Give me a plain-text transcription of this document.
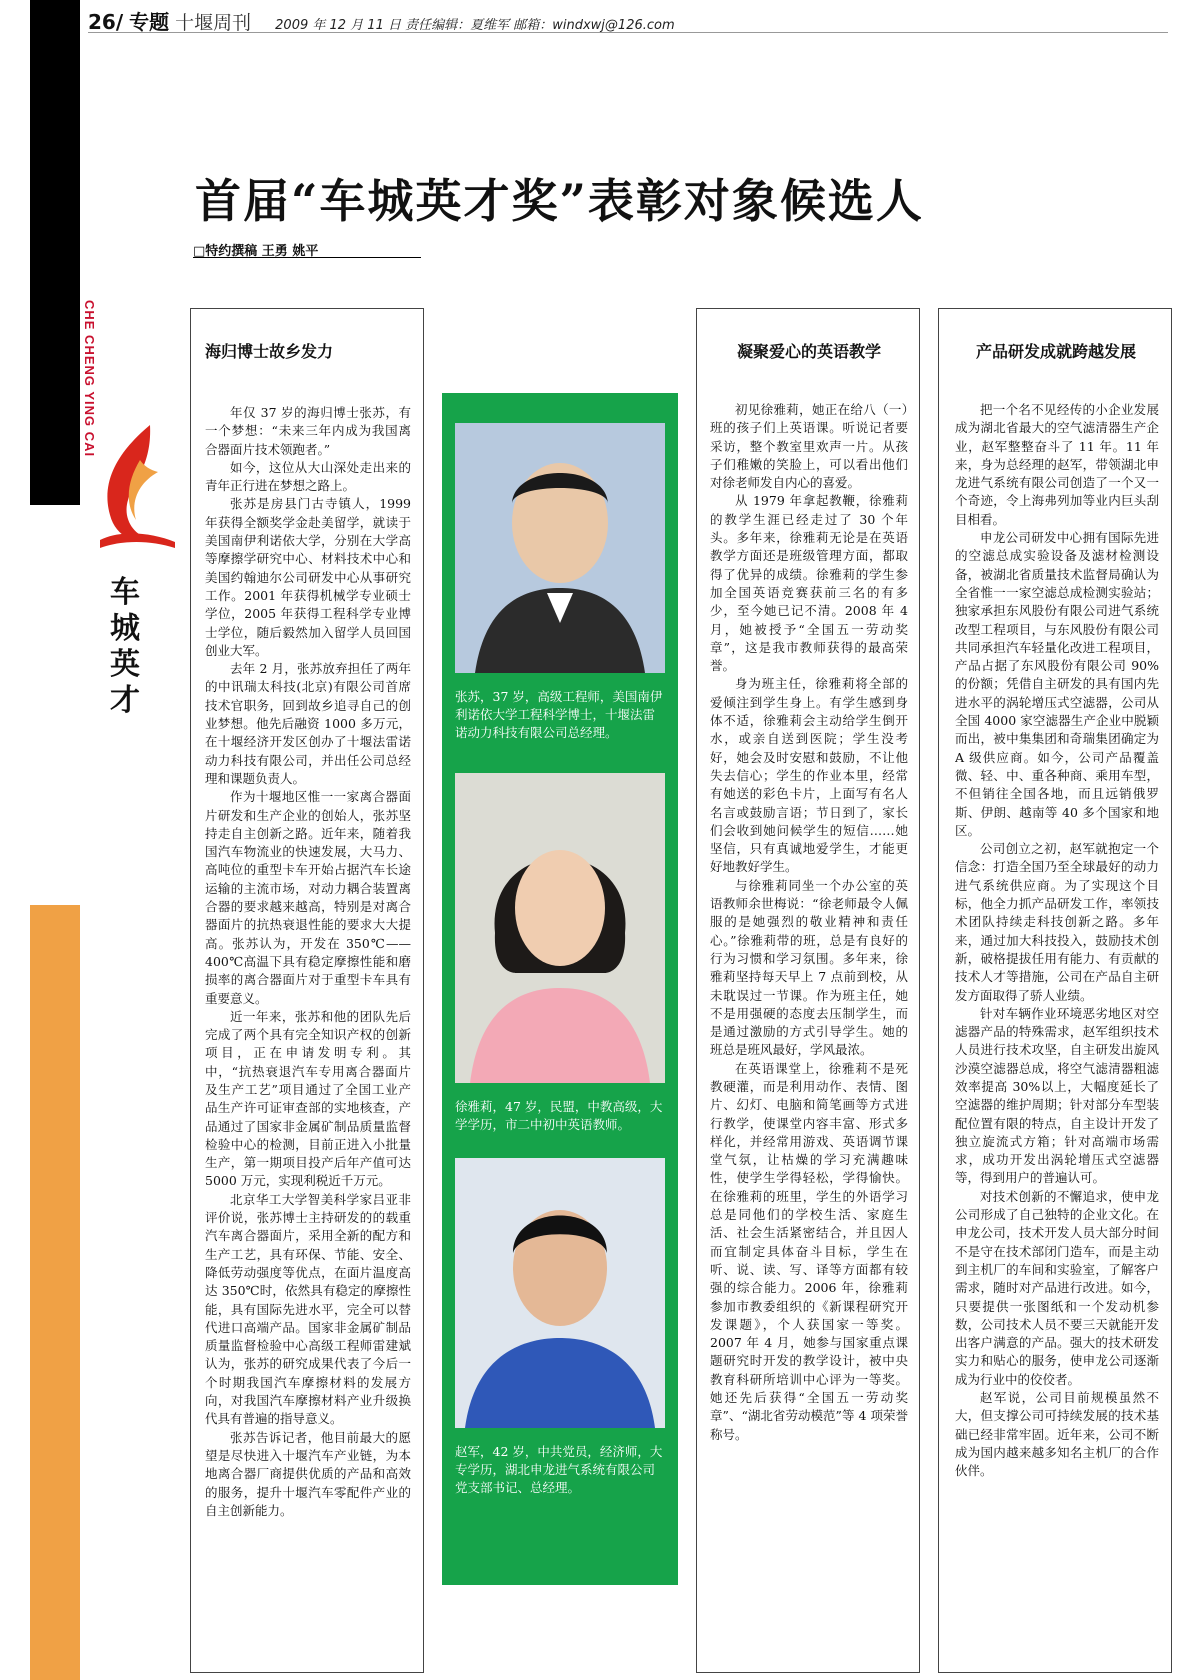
26/ 专题 十堰周刊 2009 年 12 月 11 日 责任编辑：夏维军 邮箱：windxwj@126.com
CHE CHENG YING CAI
车
城
英
才
首届“车城英才奖”表彰对象候选人
□特约撰稿 王勇 姚平
海归博士故乡发力

年仅 37 岁的海归博士张苏，有一个梦想：“未来三年内成为我国离合器面片技术领跑者。”

如今，这位从大山深处走出来的青年正行进在梦想之路上。

张苏是房县门古寺镇人，1999 年获得全额奖学金赴美留学，就读于美国南伊利诺依大学，分别在大学高等摩擦学研究中心、材料技术中心和美国约翰迪尔公司研发中心从事研究工作。2001 年获得机械学专业硕士学位，2005 年获得工程科学专业博士学位，随后毅然加入留学人员回国创业大军。

去年 2 月，张苏放弃担任了两年的中讯瑞太科技(北京)有限公司首席技术官职务，回到故乡追寻自己的创业梦想。他先后融资 1000 多万元，在十堰经济开发区创办了十堰法雷诺动力科技有限公司，并出任公司总经理和课题负责人。

作为十堰地区惟一一家离合器面片研发和生产企业的创始人，张苏坚持走自主创新之路。近年来，随着我国汽车物流业的快速发展，大马力、高吨位的重型卡车开始占据汽车长途运输的主流市场，对动力耦合装置离合器的要求越来越高，特别是对离合器面片的抗热衰退性能的要求大大提高。张苏认为，开发在 350℃——400℃高温下具有稳定摩擦性能和磨损率的离合器面片对于重型卡车具有重要意义。

近一年来，张苏和他的团队先后完成了两个具有完全知识产权的创新项目，正在申请发明专利。其中，“抗热衰退汽车专用离合器面片及生产工艺”项目通过了全国工业产品生产许可证审查部的实地核查，产品通过了国家非金属矿制品质量监督检验中心的检测，目前正进入小批量生产，第一期项目投产后年产值可达 5000 万元，实现利税近千万元。

北京华工大学智美科学家吕亚非评价说，张苏博士主持研发的的载重汽车离合器面片，采用全新的配方和生产工艺，具有环保、节能、安全、降低劳动强度等优点，在面片温度高达 350℃时，依然具有稳定的摩擦性能，具有国际先进水平，完全可以替代进口高端产品。国家非金属矿制品质量监督检验中心高级工程师雷建斌认为，张苏的研究成果代表了今后一个时期我国汽车摩擦材料的发展方向，对我国汽车摩擦材料产业升级换代具有普遍的指导意义。

张苏告诉记者，他目前最大的愿望是尽快进入十堰汽车产业链，为本地离合器厂商提供优质的产品和高效的服务，提升十堰汽车零配件产业的自主创新能力。

张苏，37 岁，高级工程师，美国南伊利诺依大学工程科学博士，十堰法雷诺动力科技有限公司总经理。
徐雅莉，47 岁，民盟，中教高级，大学学历，市二中初中英语教师。
赵军，42 岁，中共党员，经济师，大专学历，湖北申龙进气系统有限公司党支部书记、总经理。
凝聚爱心的英语教学

初见徐雅莉，她正在给八（一）班的孩子们上英语课。听说记者要采访，整个教室里欢声一片。从孩子们稚嫩的笑脸上，可以看出他们对徐老师发自内心的喜爱。

从 1979 年拿起教鞭，徐雅莉的教学生涯已经走过了 30 个年头。多年来，徐雅莉无论是在英语教学方面还是班级管理方面，都取得了优异的成绩。徐雅莉的学生参加全国英语竞赛获前三名的有多少，至今她已记不清。2008 年 4 月，她被授予“全国五一劳动奖章”，这是我市教师获得的最高荣誉。

身为班主任，徐雅莉将全部的爱倾注到学生身上。有学生感到身体不适，徐雅莉会主动给学生倒开水，或亲自送到医院；学生没考好，她会及时安慰和鼓励，不让他失去信心；学生的作业本里，经常有她送的彩色卡片，上面写有名人名言或鼓励言语；节日到了，家长们会收到她问候学生的短信……她坚信，只有真诚地爱学生，才能更好地教好学生。

与徐雅莉同坐一个办公室的英语教师余世梅说：“徐老师最令人佩服的是她强烈的敬业精神和责任心。”徐雅莉带的班，总是有良好的行为习惯和学习氛围。多年来，徐雅莉坚持每天早上 7 点前到校，从未耽误过一节课。作为班主任，她不是用强硬的态度去压制学生，而是通过激励的方式引导学生。她的班总是班风最好，学风最浓。

在英语课堂上，徐雅莉不是死教硬灌，而是利用动作、表情、图片、幻灯、电脑和简笔画等方式进行教学，使课堂内容丰富、形式多样化，并经常用游戏、英语调节课堂气氛，让枯燥的学习充满趣味性，使学生学得轻松，学得愉快。在徐雅莉的班里，学生的外语学习总是同他们的学校生活、家庭生活、社会生活紧密结合，并且因人而宜制定具体奋斗目标，学生在听、说、读、写、译等方面都有较强的综合能力。2006 年，徐雅莉参加市教委组织的《新课程研究开发课题》，个人获国家一等奖。2007 年 4 月，她参与国家重点课题研究时开发的教学设计，被中央教育科研所培训中心评为一等奖。她还先后获得“全国五一劳动奖章”、“湖北省劳动模范”等 4 项荣誉称号。

产品研发成就跨越发展

把一个名不见经传的小企业发展成为湖北省最大的空气滤清器生产企业，赵军整整奋斗了 11 年。11 年来，身为总经理的赵军，带领湖北申龙进气系统有限公司创造了一个又一个奇迹，令上海弗列加等业内巨头刮目相看。

申龙公司研发中心拥有国际先进的空滤总成实验设备及滤材检测设备，被湖北省质量技术监督局确认为全省惟一一家空滤总成检测实验站；独家承担东风股份有限公司进气系统改型工程项目，与东风股份有限公司共同承担汽车轻量化改进工程项目，产品占据了东风股份有限公司 90%的份额；凭借自主研发的具有国内先进水平的涡轮增压式空滤器，公司从全国 4000 家空滤器生产企业中脱颖而出，被中集集团和奇瑞集团确定为 A 级供应商。如今，公司产品覆盖微、轻、中、重各种商、乘用车型，不但销往全国各地，而且远销俄罗斯、伊朗、越南等 40 多个国家和地区。

公司创立之初，赵军就抱定一个信念：打造全国乃至全球最好的动力进气系统供应商。为了实现这个目标，他全力抓产品研发工作，率领技术团队持续走科技创新之路。多年来，通过加大科技投入，鼓励技术创新，破格提拔任用有能力、有贡献的技术人才等措施，公司在产品自主研发方面取得了骄人业绩。

针对车辆作业环境恶劣地区对空滤器产品的特殊需求，赵军组织技术人员进行技术攻坚，自主研发出旋风沙漠空滤器总成，将空气滤清器粗滤效率提高 30%以上，大幅度延长了空滤器的维护周期；针对部分车型装配位置有限的特点，自主设计开发了独立旋流式方箱；针对高端市场需求，成功开发出涡轮增压式空滤器等，得到用户的普遍认可。

对技术创新的不懈追求，使申龙公司形成了自己独特的企业文化。在申龙公司，技术开发人员大部分时间不是守在技术部闭门造车，而是主动到主机厂的车间和实验室，了解客户需求，随时对产品进行改进。如今，只要提供一张图纸和一个发动机参数，公司技术人员不要三天就能开发出客户满意的产品。强大的技术研发实力和贴心的服务，使申龙公司逐渐成为行业中的佼佼者。

赵军说，公司目前规模虽然不大，但支撑公司可持续发展的技术基础已经非常牢固。近年来，公司不断成为国内越来越多知名主机厂的合作伙伴。
